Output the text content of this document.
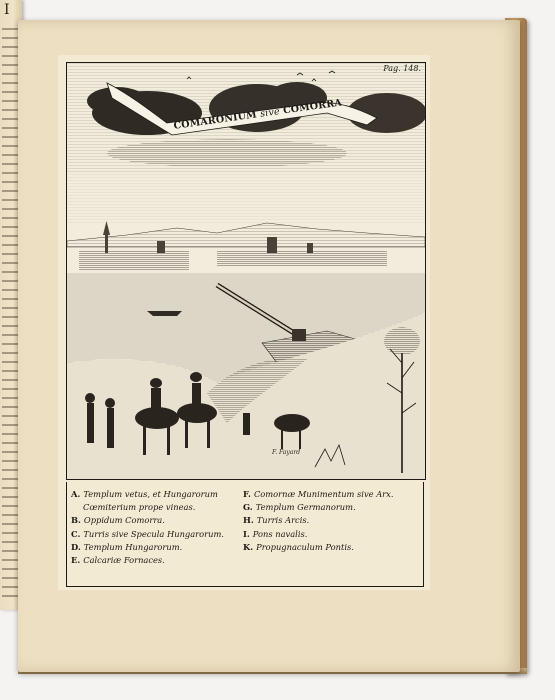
I
Pag. 148.
COMARONIUM sive COMORRA
F. Fayard
A. Templum vetus, et Hungarorum
Cœmiterium prope vineas.
B. Oppidum Comorra.
C. Turris sive Specula Hungarorum.
D. Templum Hungarorum.
E. Calcariæ Fornaces.
F. Comornæ Munimentum sive Arx.
G. Templum Germanorum.
H. Turris Arcis.
I. Pons navalis.
K. Propugnaculum Pontis.
